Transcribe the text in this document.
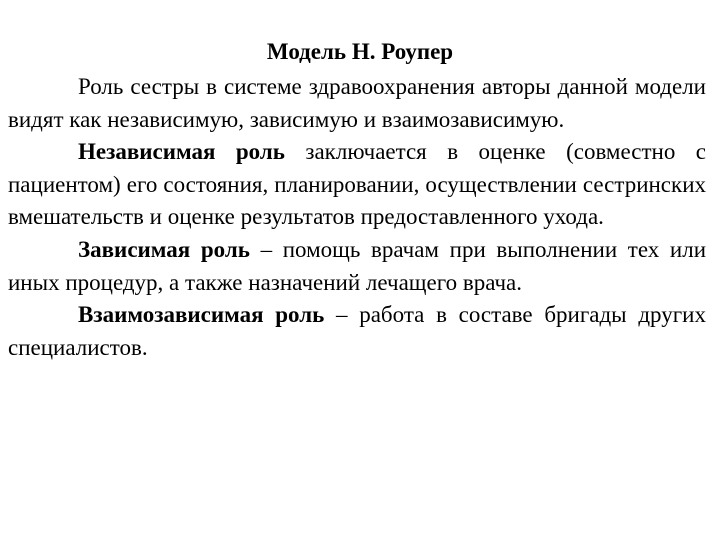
Модель Н. Роупер

Роль сестры в системе здравоохранения авторы данной модели видят как независимую, зависимую и взаимозависимую.

Независимая роль заключается в оценке (совместно с пациентом) его состояния, планировании, осуществлении сестринских вмешательств и оценке результатов предоставленного ухода.

Зависимая роль – помощь врачам при выполнении тех или иных процедур, а также назначений лечащего врача.

Взаимозависимая роль – работа в составе бригады других специалистов.
